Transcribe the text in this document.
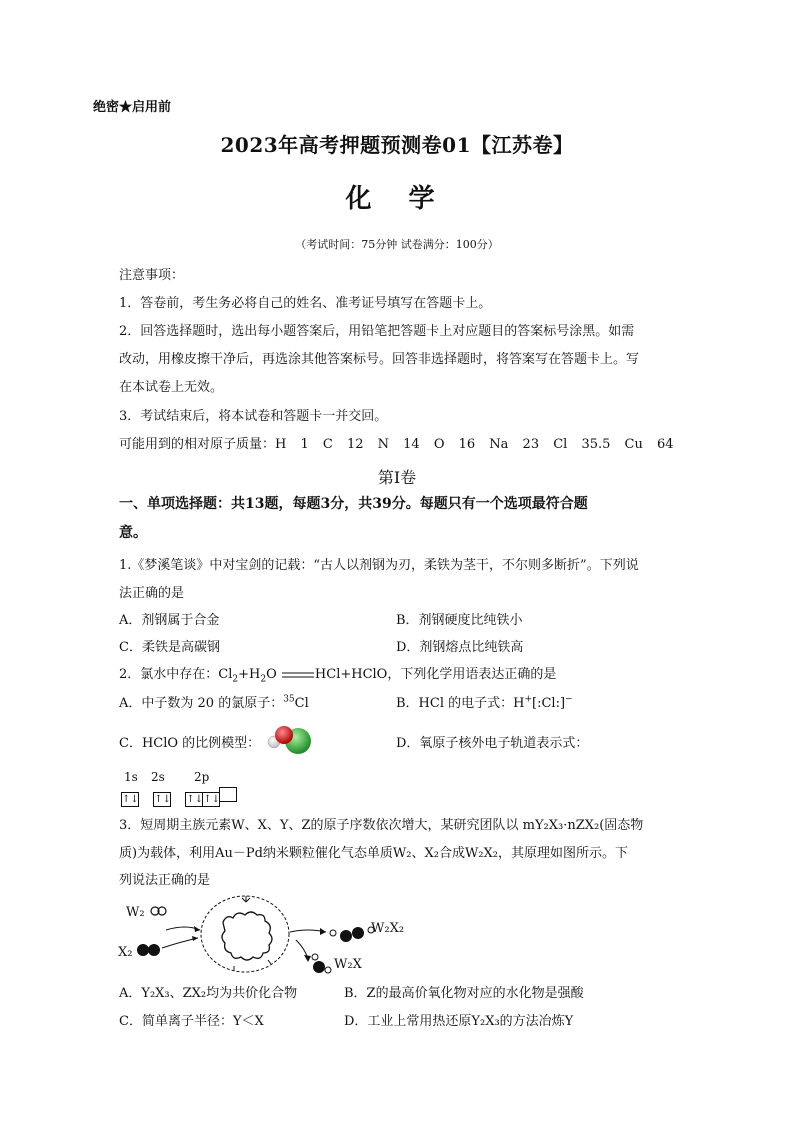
绝密★启用前
2023年高考押题预测卷01【江苏卷】
化 学
（考试时间：75分钟 试卷满分：100分）
注意事项：
1．答卷前，考生务必将自己的姓名、准考证号填写在答题卡上。
2．回答选择题时，选出每小题答案后，用铅笔把答题卡上对应题目的答案标号涂黑。如需
改动，用橡皮擦干净后，再选涂其他答案标号。回答非选择题时，将答案写在答题卡上。写
在本试卷上无效。
3．考试结束后，将本试卷和答题卡一并交回。
可能用到的相对原子质量：H 1 C 12 N 14 O 16 Na 23 Cl 35.5 Cu 64
第Ⅰ卷
一、单项选择题：共13题，每题3分，共39分。每题只有一个选项最符合题
意。
1.《梦溪笔谈》中对宝剑的记载：“古人以剂钢为刃，柔铁为茎干，不尔则多断折”。下列说
法正确的是
A．剂钢属于合金	B．剂钢硬度比纯铁小
C．柔铁是高碳钢	D．剂钢熔点比纯铁高
2．氯水中存在：$Cl_2+H_2O$	HCl+HClO，下列化学用语表达正确的是
A．中子数为 20 的氯原子：$^{35}$Cl	B．HCl 的电子式：H+[:Cl:]−
C．HClO 的比例模型：	D．氧原子核外电子轨道表示式：
1s 2s 2p
↑↓ ↑↓ ↑↓↑↓
3．短周期主族元素W、X、Y、Z的原子序数依次增大，某研究团队以 mY₂X₃·nZX₂(固态物
质)为载体，利用Au－Pd纳米颗粒催化气态单质W₂、X₂合成W₂X₂，其原理如图所示。下
列说法正确的是
W₂
X₂
W₂X₂
W₂X
A．Y₂X₃、ZX₂均为共价化合物	B．Z的最高价氧化物对应的水化物是强酸
C．简单离子半径：Y＜X	D．工业上常用热还原Y₂X₃的方法冶炼Y
